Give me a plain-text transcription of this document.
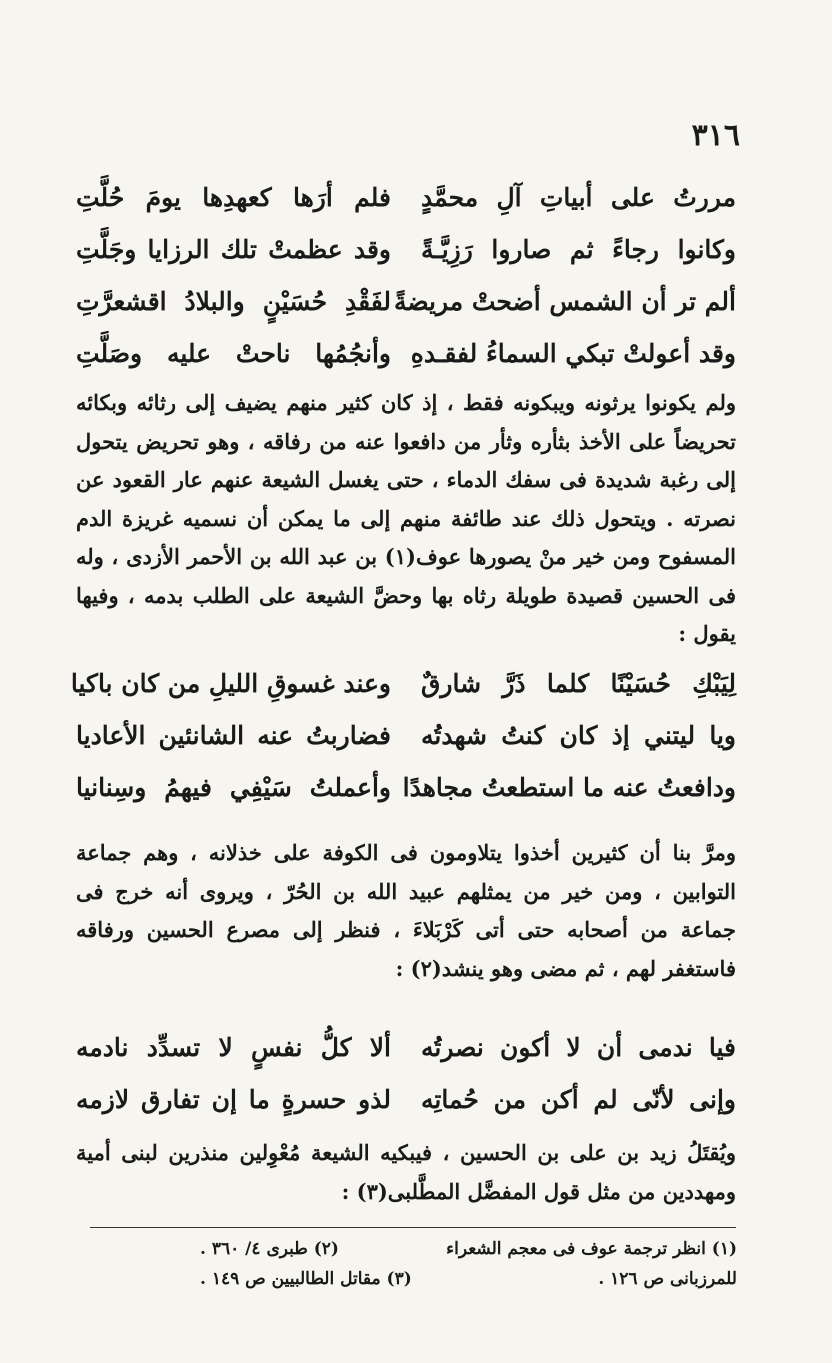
٣١٦
مررتُ على أبياتِ آلِ محمَّدٍ
فلم أرَها كعهدِها يومَ حُلَّتِ
وكانوا رجاءً ثم صاروا رَزِيَّـةً
وقد عظمتْ تلك الرزايا وجَلَّتِ
ألم تر أن الشمس أضحتْ مريضةً
لفَقْدِ حُسَيْنٍ والبلادُ اقشعرَّتِ
وقد أعولتْ تبكي السماءُ لفقـدهِ
وأنجُمُها ناحتْ عليه وصَلَّتِ

ولم يكونوا يرثونه ويبكونه فقط ، إذ كان كثير منهم يضيف إلى رثائه وبكائه تحريضاً على الأخذ بثأره وثأر من دافعوا عنه من رفاقه ، وهو تحريض يتحول إلى رغبة شديدة فى سفك الدماء ، حتى يغسل الشيعة عنهم عار القعود عن نصرته . ويتحول ذلك عند طائفة منهم إلى ما يمكن أن نسميه غريزة الدم المسفوح ومن خير منْ يصورها عوف(١) بن عبد الله بن الأحمر الأزدى ، وله فى الحسين قصيدة طويلة رثاه بها وحضَّ الشيعة على الطلب بدمه ، وفيها يقول :

لِيَبْكِ حُسَيْنًا كلما ذَرَّ شارقٌ
وعند غسوقِ الليلِ من كان باكيا
ويا ليتني إذ كان كنتُ شهدتُه
فضاربتُ عنه الشانئين الأعاديا
ودافعتُ عنه ما استطعتُ مجاهدًا
وأعملتُ سَيْفِي فيهمُ وسِنانيا

ومرَّ بنا أن كثيرين أخذوا يتلاومون فى الكوفة على خذلانه ، وهم جماعة التوابين ، ومن خير من يمثلهم عبيد الله بن الحُرّ ، ويروى أنه خرج فى جماعة من أصحابه حتى أتى كَرْبَلاءَ ، فنظر إلى مصرع الحسين ورفاقه فاستغفر لهم ، ثم مضى وهو ينشد(٢) :

فيا ندمى أن لا أكون نصرتُه
ألا كلُّ نفسٍ لا تسدِّد نادمه
وإنى لأنّى لم أكن من حُماتِه
لذو حسرةٍ ما إن تفارق لازمه

ويُقتَلُ زيد بن على بن الحسين ، فيبكيه الشيعة مُعْوِلين منذرين لبنى أمية ومهددين من مثل قول المفضَّل المطَّلبى(٣) :

(١) انظر ترجمة عوف فى معجم الشعراء
(٢) طبرى ٤/ ٣٦٠ .
للمرزبانى ص ١٢٦ .
(٣) مقاتل الطالبيين ص ١٤٩ .
